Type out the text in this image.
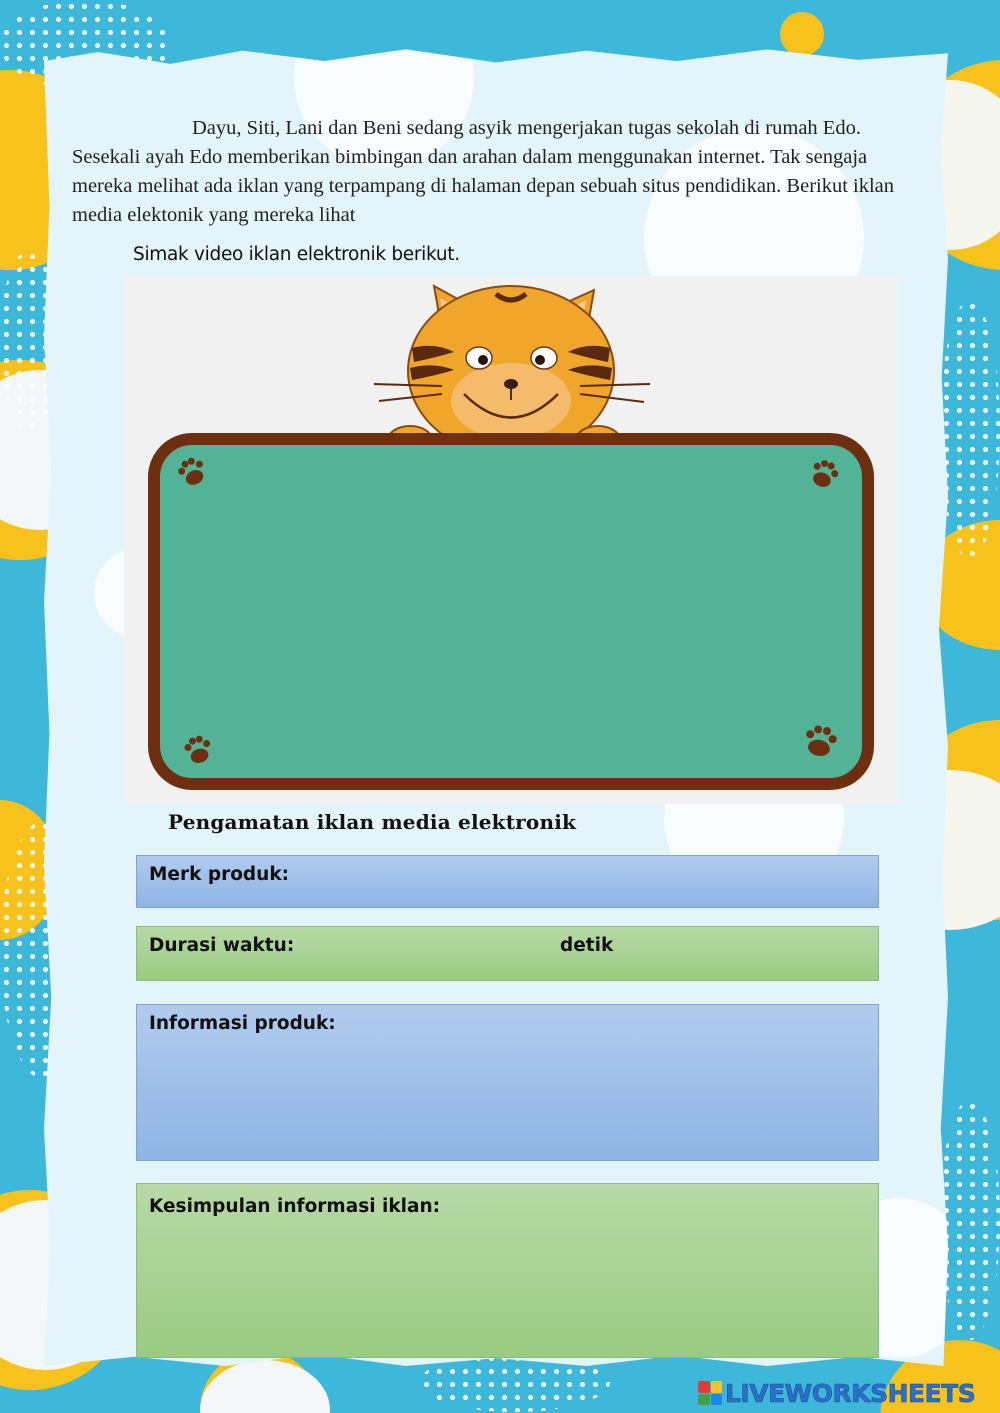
Dayu, Siti, Lani dan Beni sedang asyik mengerjakan tugas sekolah di rumah Edo. Sesekali ayah Edo memberikan bimbingan dan arahan dalam menggunakan internet. Tak sengaja mereka melihat ada iklan yang terpampang di halaman depan sebuah situs pendidikan. Berikut iklan media elektonik yang mereka lihat

Simak video iklan elektronik berikut.

Pengamatan iklan media elektronik
Merk produk:
Durasi waktu:	detik
Informasi produk:
Kesimpulan informasi iklan:
LIVEWORKSHEETS
